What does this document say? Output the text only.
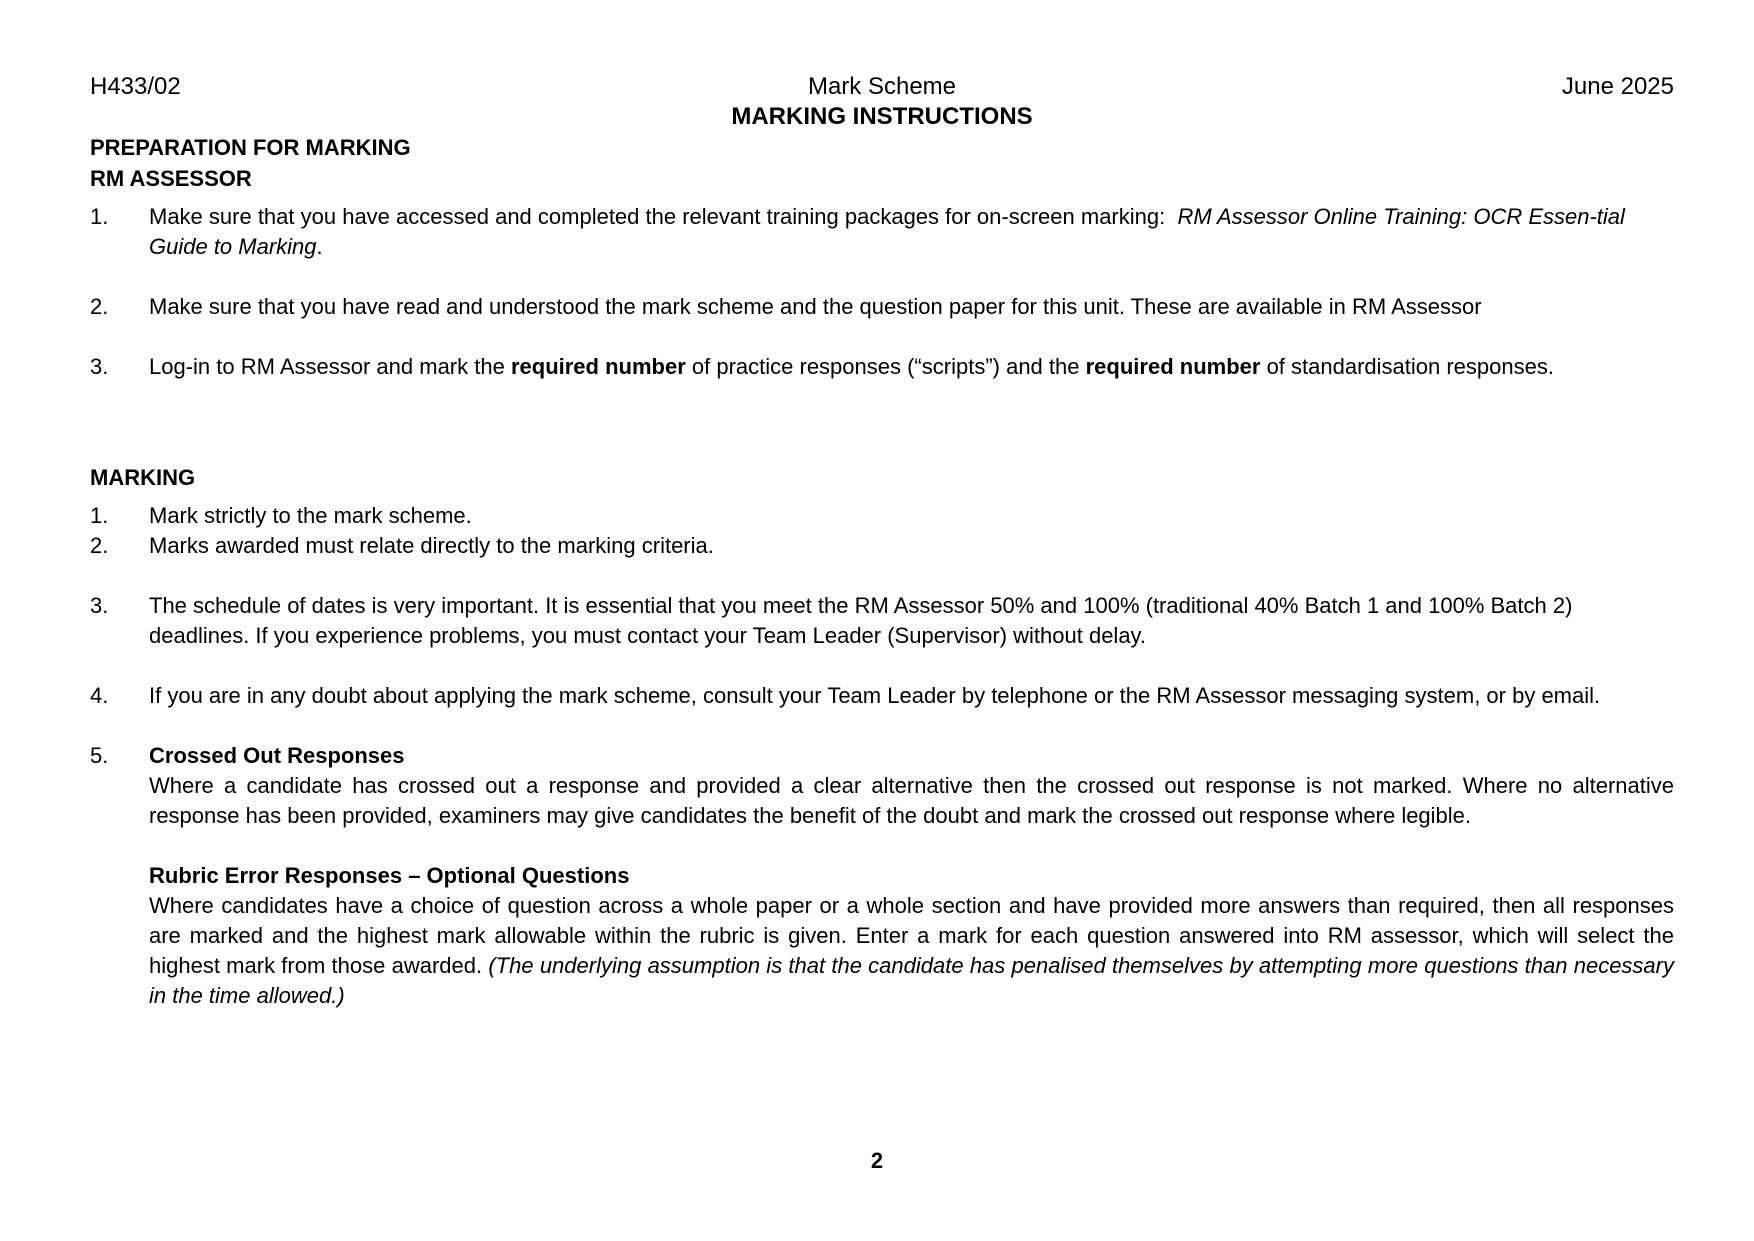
H433/02	Mark Scheme	June 2025
MARKING INSTRUCTIONS
PREPARATION FOR MARKING
RM ASSESSOR
1. Make sure that you have accessed and completed the relevant training packages for on-screen marking: RM Assessor Online Training: OCR Essen-tial Guide to Marking.
2. Make sure that you have read and understood the mark scheme and the question paper for this unit. These are available in RM Assessor
3. Log-in to RM Assessor and mark the required number of practice responses (“scripts”) and the required number of standardisation responses.
MARKING
1. Mark strictly to the mark scheme.
2. Marks awarded must relate directly to the marking criteria.
3. The schedule of dates is very important. It is essential that you meet the RM Assessor 50% and 100% (traditional 40% Batch 1 and 100% Batch 2) deadlines. If you experience problems, you must contact your Team Leader (Supervisor) without delay.
4. If you are in any doubt about applying the mark scheme, consult your Team Leader by telephone or the RM Assessor messaging system, or by email.
5. Crossed Out Responses
Where a candidate has crossed out a response and provided a clear alternative then the crossed out response is not marked. Where no alternative response has been provided, examiners may give candidates the benefit of the doubt and mark the crossed out response where legible.
Rubric Error Responses – Optional Questions
Where candidates have a choice of question across a whole paper or a whole section and have provided more answers than required, then all responses are marked and the highest mark allowable within the rubric is given. Enter a mark for each question answered into RM assessor, which will select the highest mark from those awarded. (The underlying assumption is that the candidate has penalised themselves by attempting more questions than necessary in the time allowed.)
2
